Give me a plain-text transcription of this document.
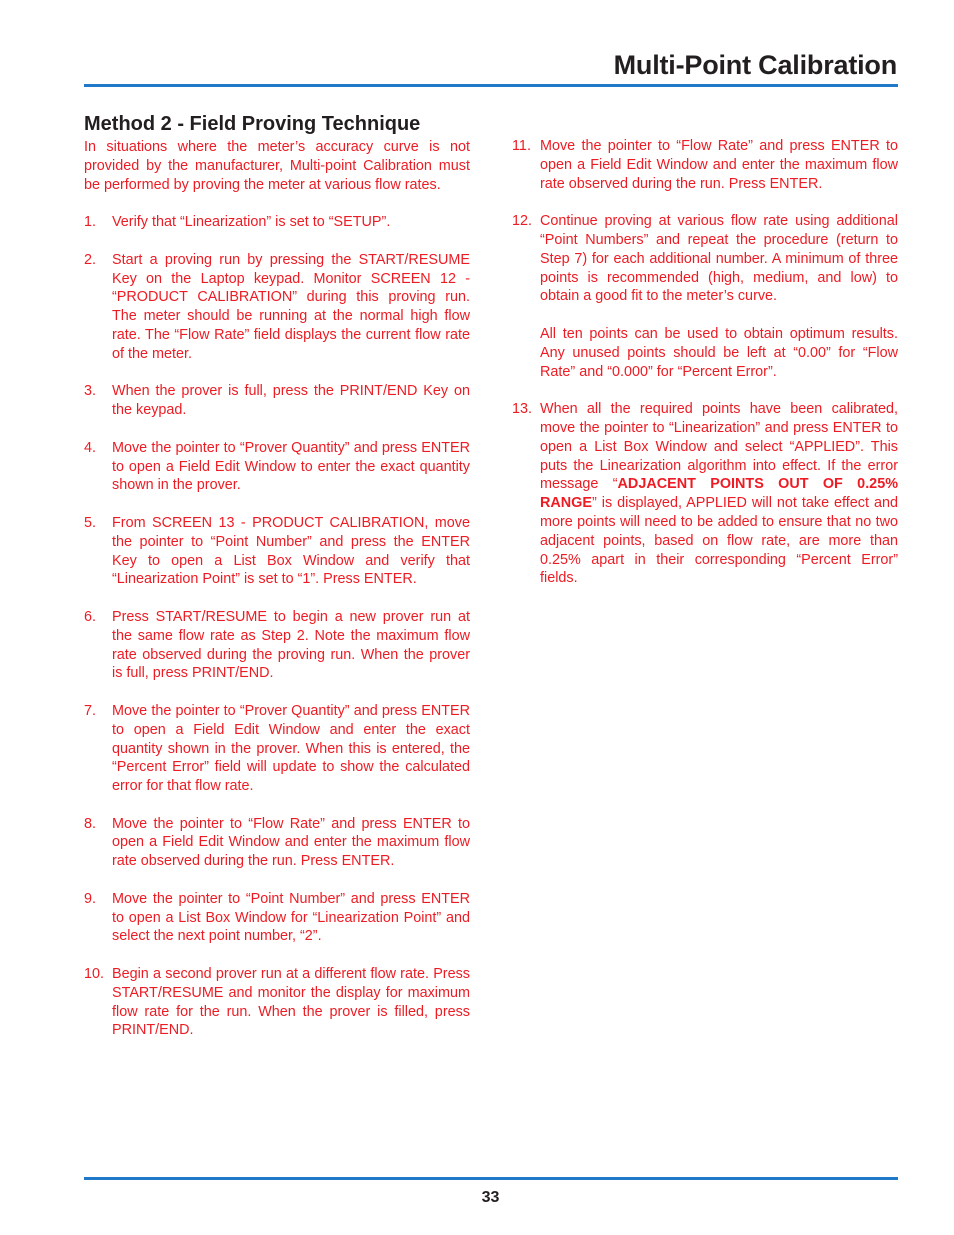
Multi-Point Calibration
Method 2 - Field Proving Technique

In situations where the meter’s accuracy curve is not provided by the manufacturer, Multi-point Calibration must be performed by proving the meter at various flow rates.

1. Verify that “Linearization” is set to “SETUP”.
2. Start a proving run by pressing the START/RESUME Key on the Laptop keypad. Monitor SCREEN 12 - “PRODUCT CALIBRATION” during this proving run. The meter should be running at the normal high flow rate. The “Flow Rate” field displays the current flow rate of the meter.
3. When the prover is full, press the PRINT/END Key on the keypad.
4. Move the pointer to “Prover Quantity” and press ENTER to open a Field Edit Window to enter the exact quantity shown in the prover.
5. From SCREEN 13 - PRODUCT CALIBRATION, move the pointer to “Point Number” and press the ENTER Key to open a List Box Window and verify that “Linearization Point” is set to “1”. Press ENTER.
6. Press START/RESUME to begin a new prover run at the same flow rate as Step 2. Note the maximum flow rate observed during the proving run. When the prover is full, press PRINT/END.
7. Move the pointer to “Prover Quantity” and press ENTER to open a Field Edit Window and enter the exact quantity shown in the prover. When this is entered, the “Percent Error” field will update to show the calculated error for that flow rate.
8. Move the pointer to “Flow Rate” and press ENTER to open a Field Edit Window and enter the maximum flow rate observed during the run. Press ENTER.
9. Move the pointer to “Point Number” and press ENTER to open a List Box Window for “Linearization Point” and select the next point number, “2”.
10. Begin a second prover run at a different flow rate. Press START/RESUME and monitor the display for maximum flow rate for the run. When the prover is filled, press PRINT/END.
11. Move the pointer to “Flow Rate” and press ENTER to open a Field Edit Window and enter the maximum flow rate observed during the run. Press ENTER.
12. Continue proving at various flow rate using additional “Point Numbers” and repeat the procedure (return to Step 7) for each additional number. A minimum of three points is recommended (high, medium, and low) to obtain a good fit to the meter’s curve.
All ten points can be used to obtain optimum results. Any unused points should be left at “0.00” for “Flow Rate” and “0.000” for “Percent Error”.
13. When all the required points have been calibrated, move the pointer to “Linearization” and press ENTER to open a List Box Window and select “APPLIED”. This puts the Linearization algorithm into effect. If the error message “ADJACENT POINTS OUT OF 0.25% RANGE” is displayed, APPLIED will not take effect and more points will need to be added to ensure that no two adjacent points, based on flow rate, are more than 0.25% apart in their corresponding “Percent Error” fields.
33
